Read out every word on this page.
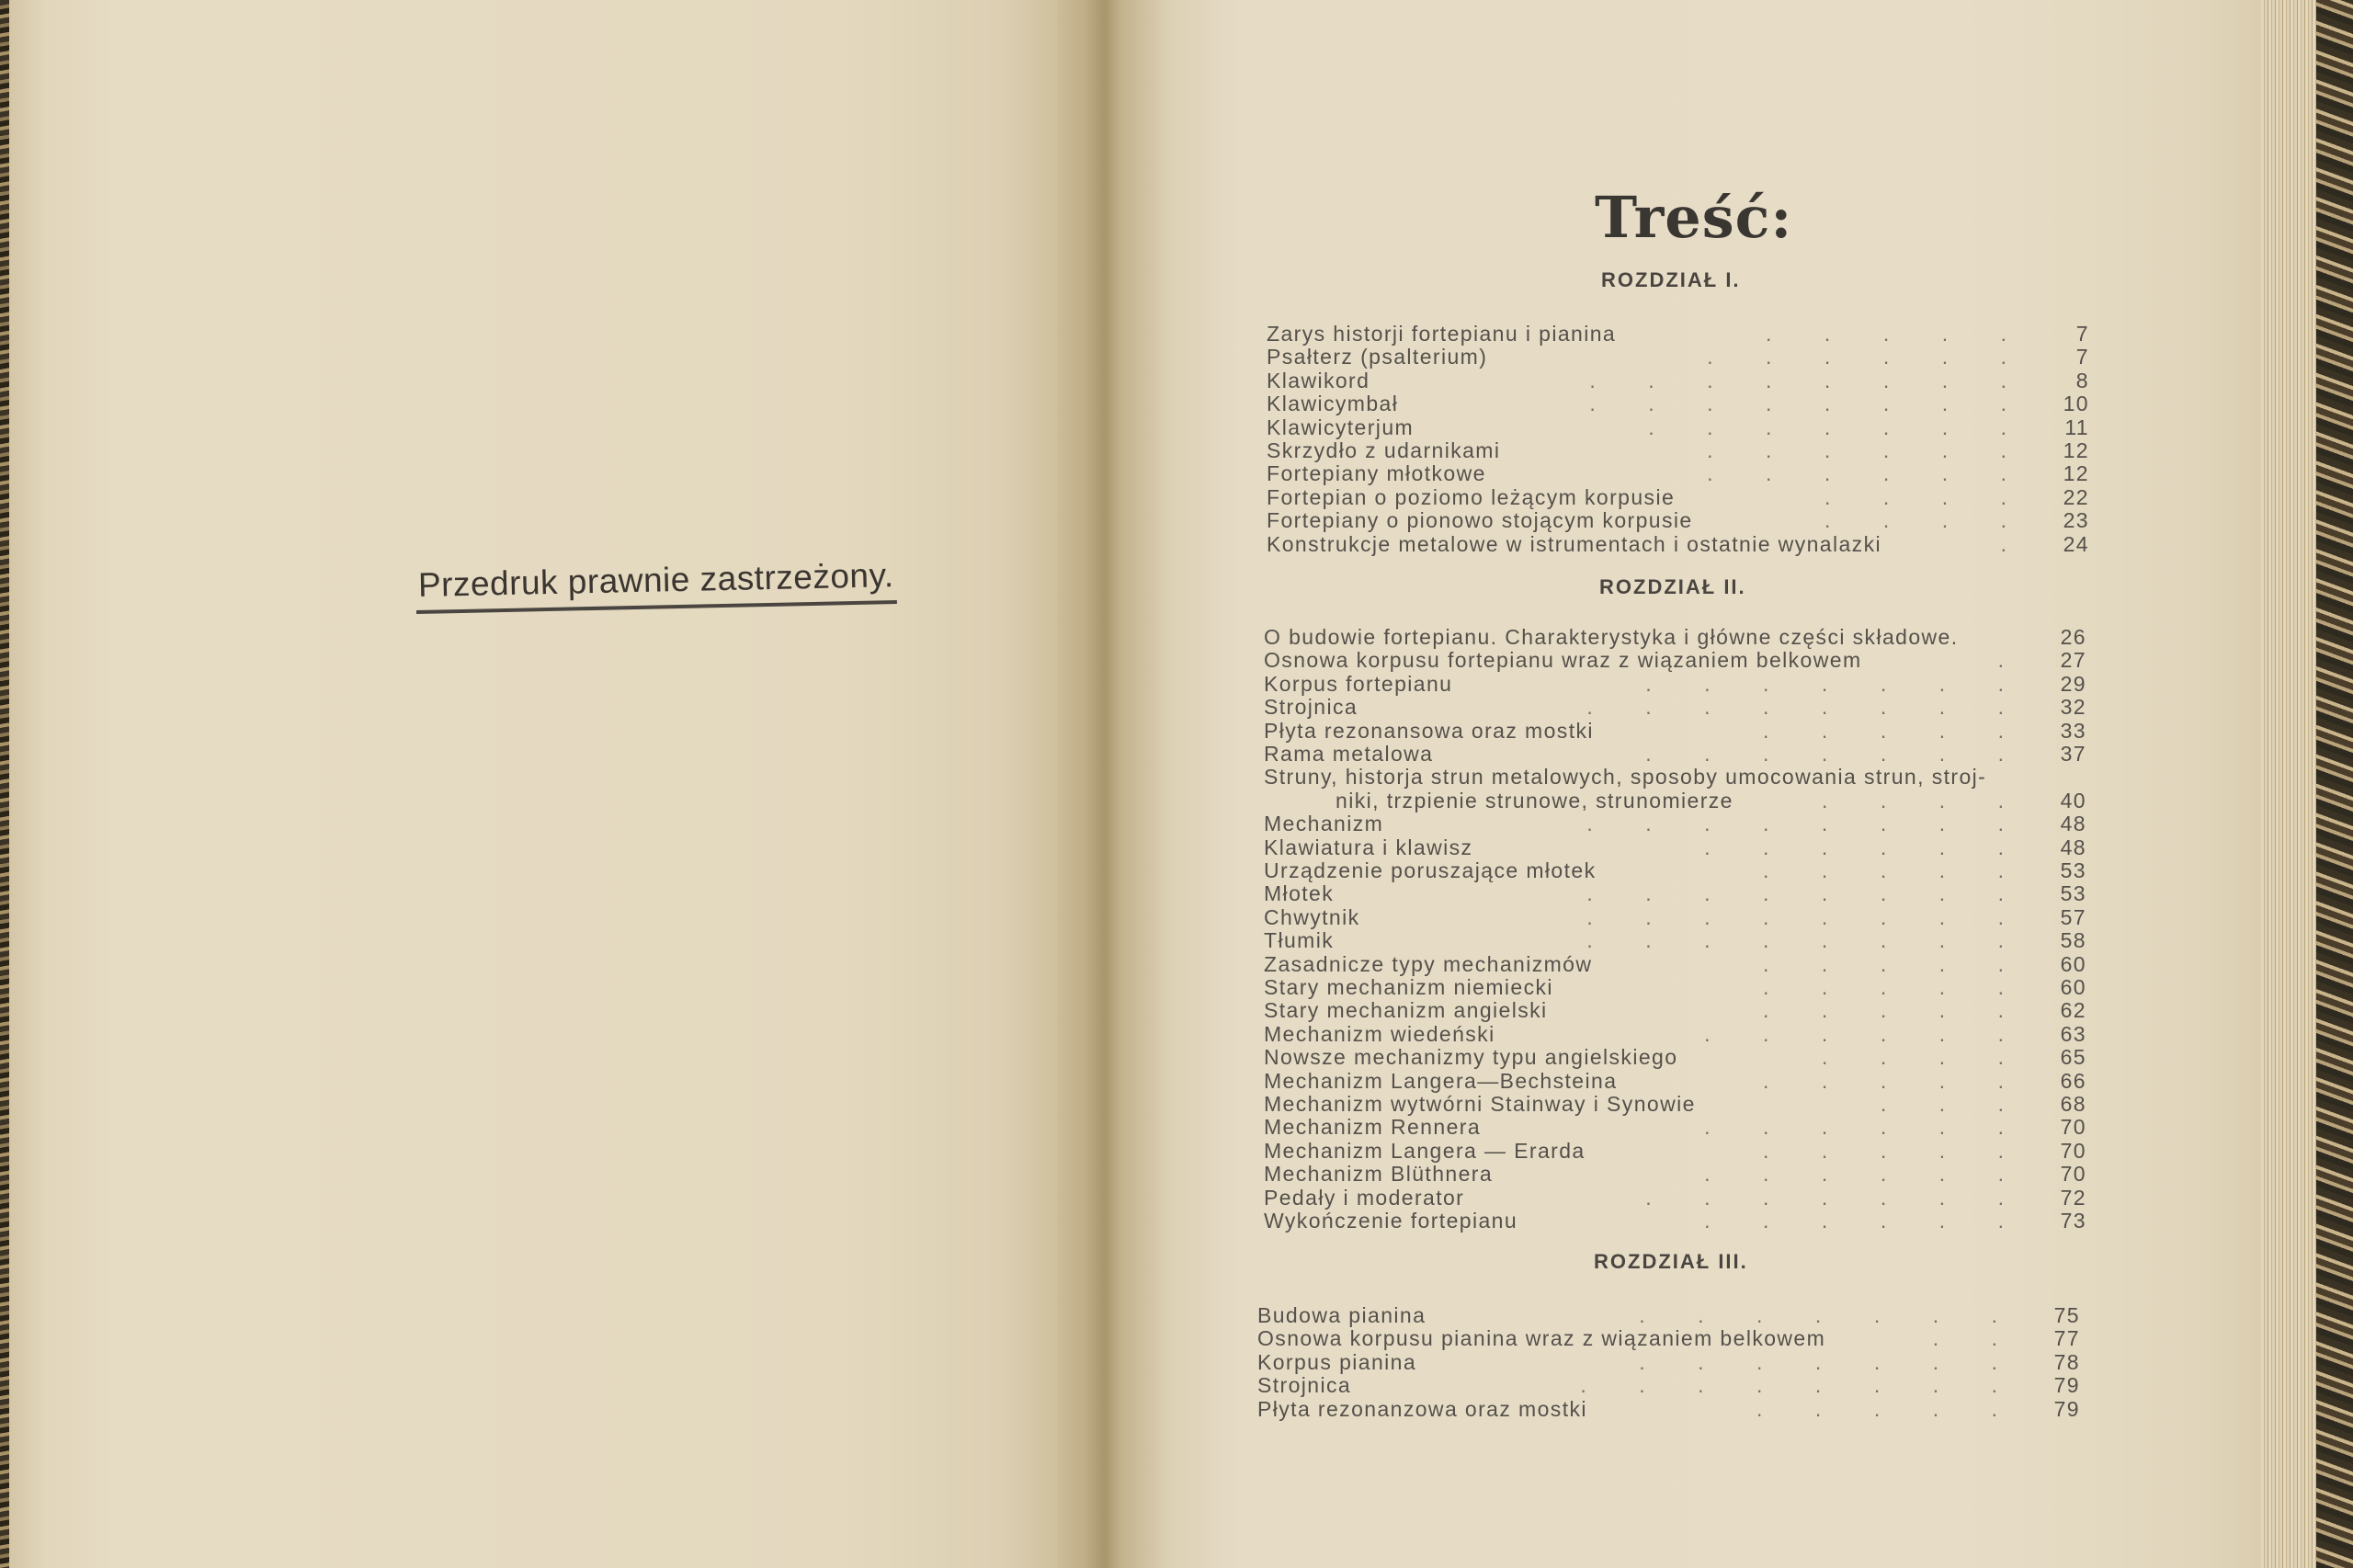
Przedruk prawnie zastrzeżony.
Treść:
ROZDZIAŁ I.
Zarys historji fortepianu i pianina	.   .   .   .   .	7
Psałterz (psalterium)	.   .   .   .   .   .	7
Klawikord	.   .   .   .   .   .   .   .	8
Klawicymbał	.   .   .   .   .   .   .   .	10
Klawicyterjum	.   .   .   .   .   .   .	11
Skrzydło z udarnikami	.   .   .   .   .   .	12
Fortepiany młotkowe	.   .   .   .   .   .	12
Fortepian o poziomo leżącym korpusie	.   .   .   .	22
Fortepiany o pionowo stojącym korpusie	.   .   .   .	23
Konstrukcje metalowe w istrumentach i ostatnie wynalazki	.	24
ROZDZIAŁ II.
O budowie fortepianu. Charakterystyka i główne części składowe.	26
Osnowa korpusu fortepianu wraz z wiązaniem belkowem	.	27
Korpus fortepianu	.   .   .   .   .   .   .	29
Strojnica	.   .   .   .   .   .   .   .	32
Płyta rezonansowa oraz mostki	.   .   .   .   .	33
Rama metalowa	.   .   .   .   .   .   .	37
Struny, historja strun metalowych, sposoby umocowania strun, stroj-
niki, trzpienie strunowe, strunomierze	.   .   .   .	40
Mechanizm	.   .   .   .   .   .   .   .	48
Klawiatura i klawisz	.   .   .   .   .   .	48
Urządzenie poruszające młotek	.   .   .   .   .	53
Młotek	.   .   .   .   .   .   .   .	53
Chwytnik	.   .   .   .   .   .   .   .	57
Tłumik	.   .   .   .   .   .   .   .	58
Zasadnicze typy mechanizmów	.   .   .   .   .	60
Stary mechanizm niemiecki	.   .   .   .   .	60
Stary mechanizm angielski	.   .   .   .   .	62
Mechanizm wiedeński	.   .   .   .   .   .	63
Nowsze mechanizmy typu angielskiego	.   .   .   .	65
Mechanizm Langera—Bechsteina	.   .   .   .   .	66
Mechanizm wytwórni Stainway i Synowie	.   .   .	68
Mechanizm Rennera	.   .   .   .   .   .	70
Mechanizm Langera — Erarda	.   .   .   .   .	70
Mechanizm Blüthnera	.   .   .   .   .   .	70
Pedały i moderator	.   .   .   .   .   .   .	72
Wykończenie fortepianu	.   .   .   .   .   .	73
ROZDZIAŁ III.
Budowa pianina	.   .   .   .   .   .   .	75
Osnowa korpusu pianina wraz z wiązaniem belkowem	.   .	77
Korpus pianina	.   .   .   .   .   .   .	78
Strojnica	.   .   .   .   .   .   .   .	79
Płyta rezonanzowa oraz mostki	.   .   .   .   .	79
